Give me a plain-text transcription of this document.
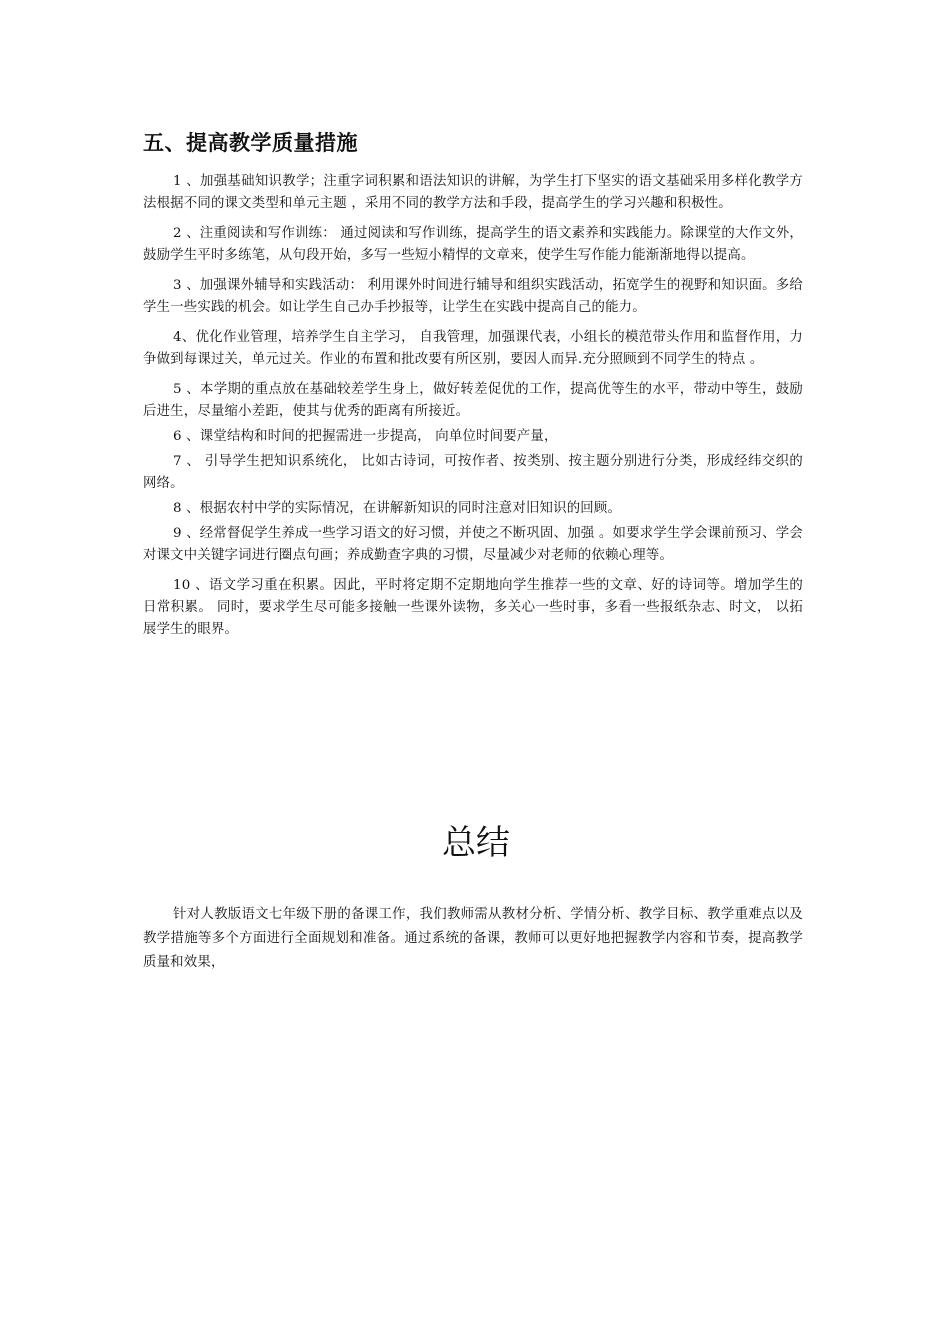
五、提高教学质量措施
1 、加强基础知识教学；注重字词积累和语法知识的讲解，为学生打下坚实的语文基础采用多样化教学方法根据不同的课文类型和单元主题 ，采用不同的教学方法和手段，提高学生的学习兴趣和积极性。
2 、注重阅读和写作训练： 通过阅读和写作训练，提高学生的语文素养和实践能力。除课堂的大作文外，鼓励学生平时多练笔，从句段开始，多写一些短小精悍的文章来，使学生写作能力能渐渐地得以提高。
3 、加强课外辅导和实践活动： 利用课外时间进行辅导和组织实践活动，拓宽学生的视野和知识面。多给学生一些实践的机会。如让学生自己办手抄报等，让学生在实践中提高自己的能力。
4、优化作业管理，培养学生自主学习， 自我管理，加强课代表，小组长的模范带头作用和监督作用，力争做到每课过关，单元过关。作业的布置和批改要有所区别，要因人而异.充分照顾到不同学生的特点 。
5 、本学期的重点放在基础较差学生身上，做好转差促优的工作，提高优等生的水平，带动中等生，鼓励后进生，尽量缩小差距，使其与优秀的距离有所接近。
6 、课堂结构和时间的把握需进一步提高， 向单位时间要产量，
7 、 引导学生把知识系统化， 比如古诗词，可按作者、按类别、按主题分别进行分类，形成经纬交织的网络。
8 、根据农村中学的实际情况，在讲解新知识的同时注意对旧知识的回顾。
9 、经常督促学生养成一些学习语文的好习惯，并使之不断巩固、加强 。如要求学生学会课前预习、学会对课文中关键字词进行圈点句画；养成勤查字典的习惯，尽量减少对老师的依赖心理等。
10 、语文学习重在积累。因此，平时将定期不定期地向学生推荐一些的文章、好的诗词等。增加学生的日常积累。 同时，要求学生尽可能多接触一些课外读物，多关心一些时事，多看一些报纸杂志、时文， 以拓展学生的眼界。
总结

针对人教版语文七年级下册的备课工作，我们教师需从教材分析、学情分析、教学目标、教学重难点以及教学措施等多个方面进行全面规划和准备。通过系统的备课，教师可以更好地把握教学内容和节奏，提高教学质量和效果，
